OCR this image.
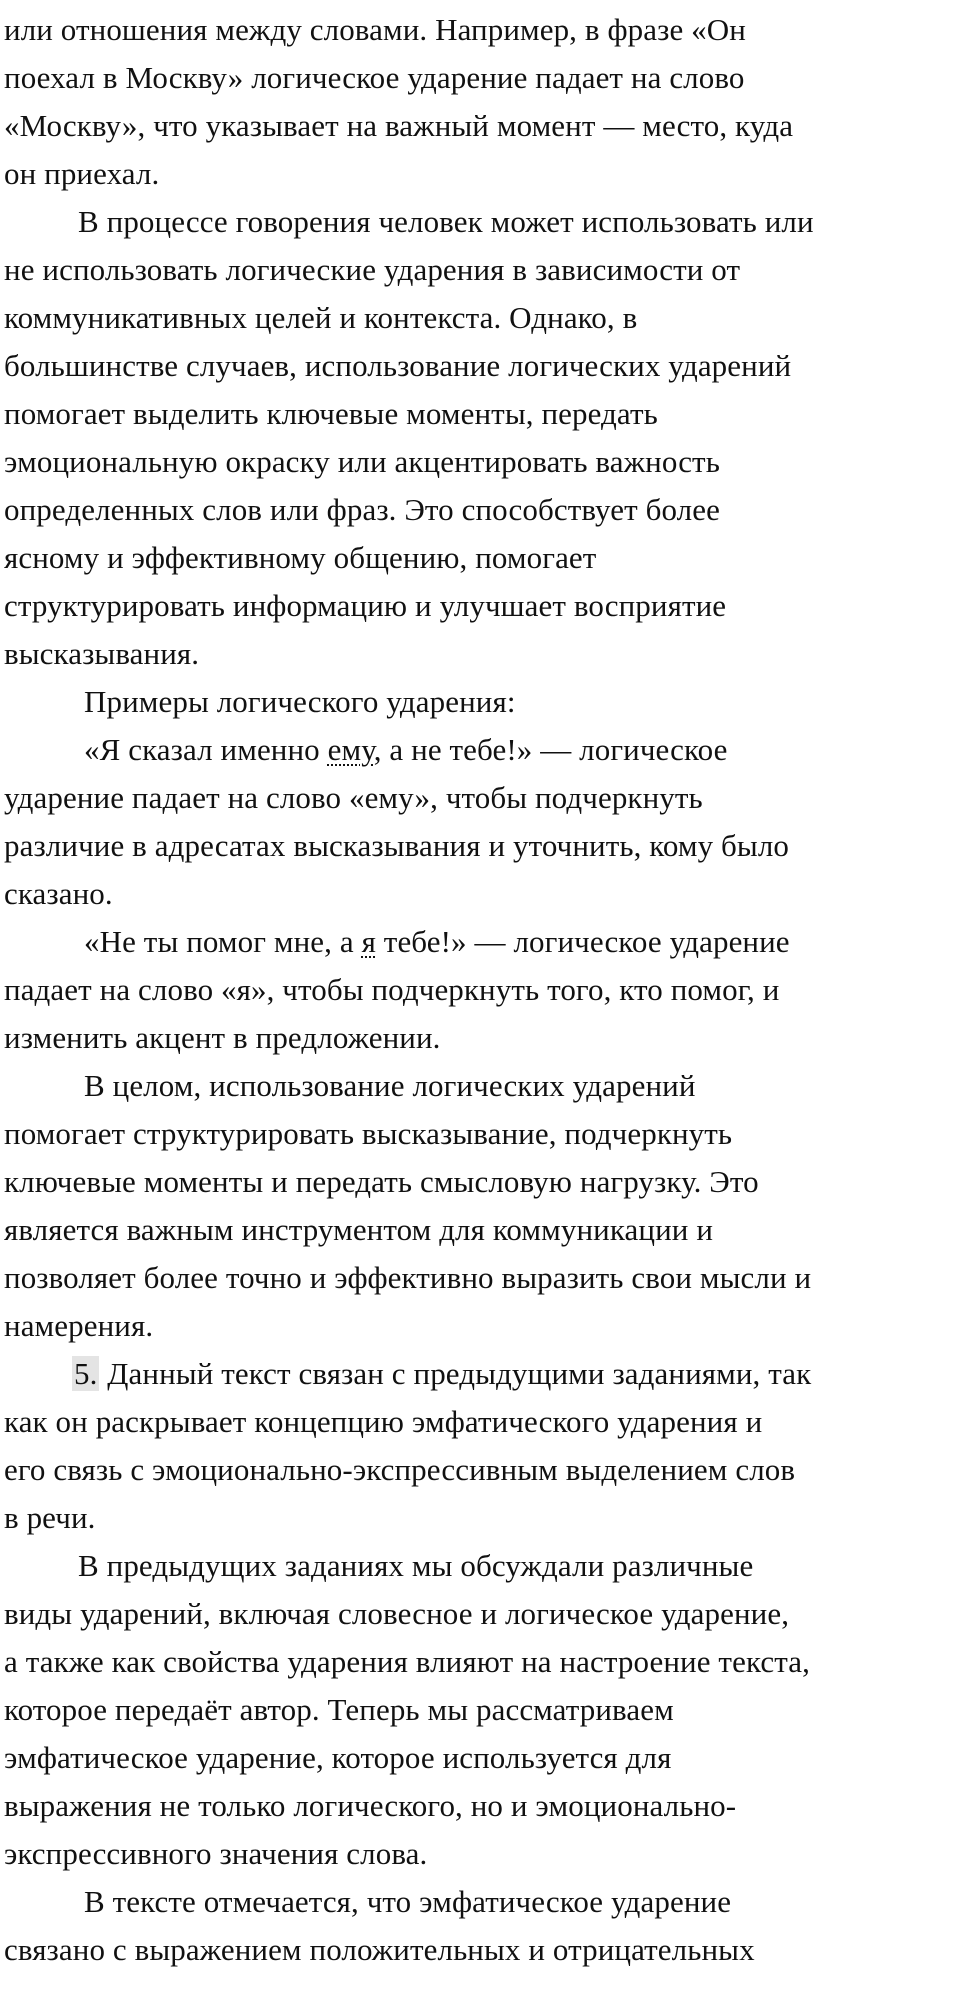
или отношения между словами. Например, в фразе «Он
поехал в Москву» логическое ударение падает на слово
«Москву», что указывает на важный момент — место, куда
он приехал.
В процессе говорения человек может использовать или
не использовать логические ударения в зависимости от
коммуникативных целей и контекста. Однако, в
большинстве случаев, использование логических ударений
помогает выделить ключевые моменты, передать
эмоциональную окраску или акцентировать важность
определенных слов или фраз. Это способствует более
ясному и эффективному общению, помогает
структурировать информацию и улучшает восприятие
высказывания.
Примеры логического ударения:
«Я сказал именно ему, а не тебе!» — логическое
ударение падает на слово «ему», чтобы подчеркнуть
различие в адресатах высказывания и уточнить, кому было
сказано.
«Не ты помог мне, а я тебе!» — логическое ударение
падает на слово «я», чтобы подчеркнуть того, кто помог, и
изменить акцент в предложении.
В целом, использование логических ударений
помогает структурировать высказывание, подчеркнуть
ключевые моменты и передать смысловую нагрузку. Это
является важным инструментом для коммуникации и
позволяет более точно и эффективно выразить свои мысли и
намерения.
5. Данный текст связан с предыдущими заданиями, так
как он раскрывает концепцию эмфатического ударения и
его связь с эмоционально-экспрессивным выделением слов
в речи.
В предыдущих заданиях мы обсуждали различные
виды ударений, включая словесное и логическое ударение,
а также как свойства ударения влияют на настроение текста,
которое передаёт автор. Теперь мы рассматриваем
эмфатическое ударение, которое используется для
выражения не только логического, но и эмоционально-
экспрессивного значения слова.
В тексте отмечается, что эмфатическое ударение
связано с выражением положительных и отрицательных
